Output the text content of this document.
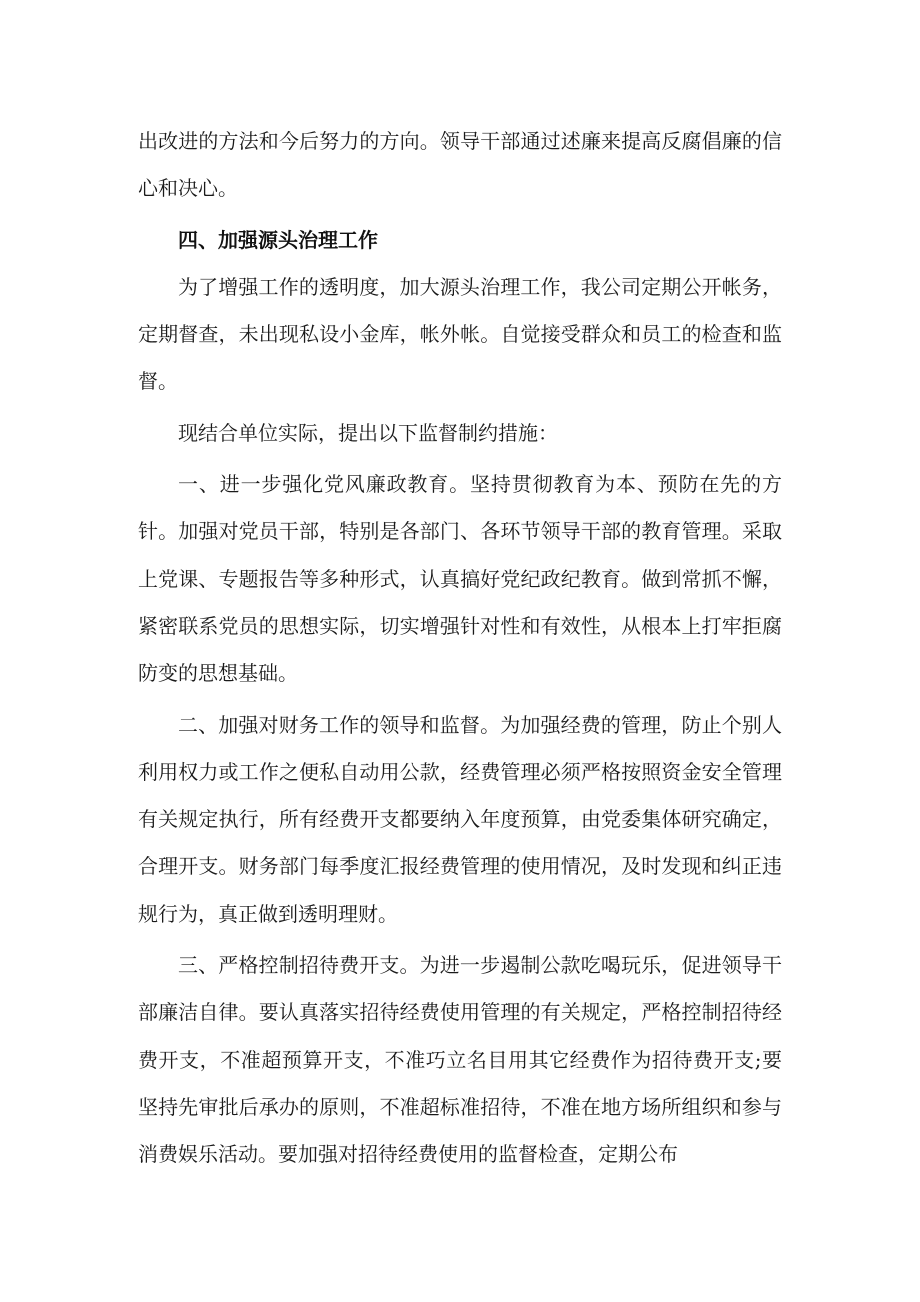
出改进的方法和今后努力的方向。领导干部通过述廉来提高反腐倡廉的信心和决心。

四、加强源头治理工作

为了增强工作的透明度，加大源头治理工作，我公司定期公开帐务，定期督查，未出现私设小金库，帐外帐。自觉接受群众和员工的检查和监督。

现结合单位实际，提出以下监督制约措施：

一、进一步强化党风廉政教育。坚持贯彻教育为本、预防在先的方针。加强对党员干部，特别是各部门、各环节领导干部的教育管理。采取上党课、专题报告等多种形式，认真搞好党纪政纪教育。做到常抓不懈，紧密联系党员的思想实际，切实增强针对性和有效性，从根本上打牢拒腐防变的思想基础。

二、加强对财务工作的领导和监督。为加强经费的管理，防止个别人利用权力或工作之便私自动用公款，经费管理必须严格按照资金安全管理有关规定执行，所有经费开支都要纳入年度预算，由党委集体研究确定，合理开支。财务部门每季度汇报经费管理的使用情况，及时发现和纠正违规行为，真正做到透明理财。

三、严格控制招待费开支。为进一步遏制公款吃喝玩乐，促进领导干部廉洁自律。要认真落实招待经费使用管理的有关规定，严格控制招待经费开支，不准超预算开支，不准巧立名目用其它经费作为招待费开支;要坚持先审批后承办的原则，不准超标准招待，不准在地方场所组织和参与消费娱乐活动。要加强对招待经费使用的监督检查，定期公布
